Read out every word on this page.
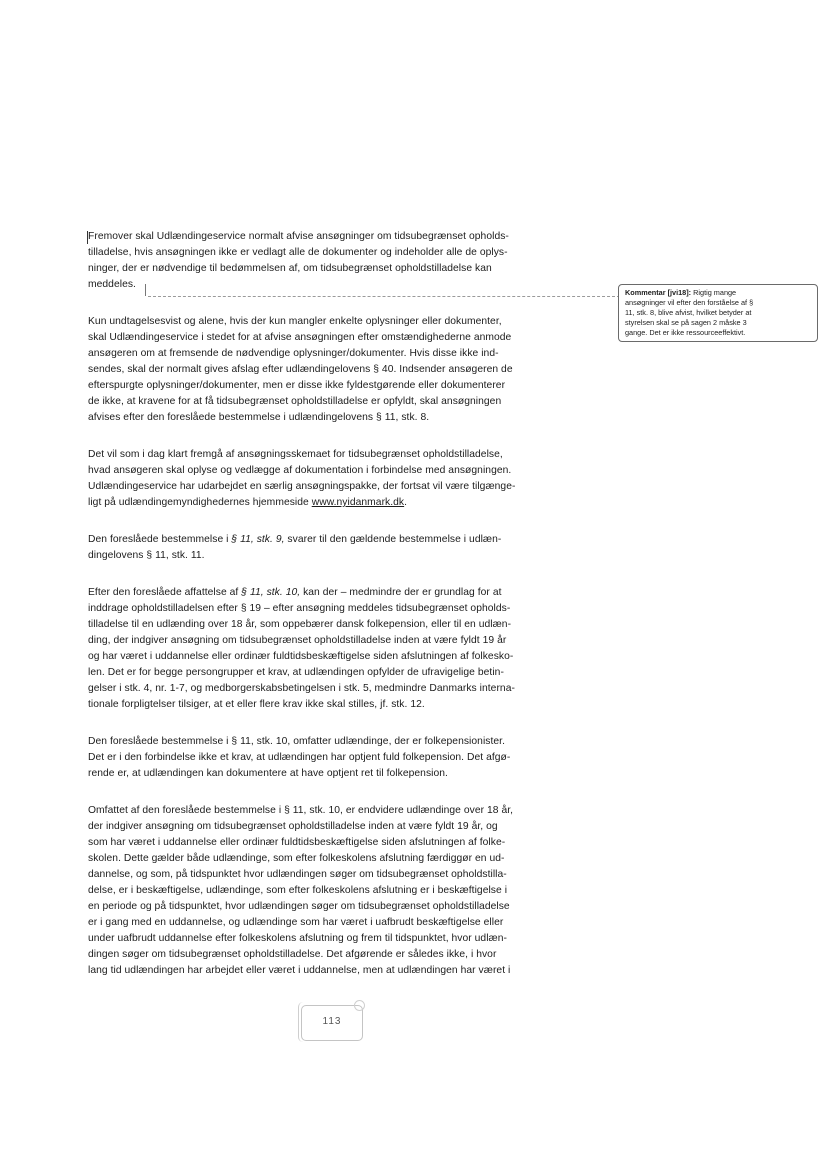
Fremover skal Udlændingeservice normalt afvise ansøgninger om tidsubegrænset opholds-
tilladelse, hvis ansøgningen ikke er vedlagt alle de dokumenter og indeholder alle de oplys-
ninger, der er nødvendige til bedømmelsen af, om tidsubegrænset opholdstilladelse kan
meddeles.

Kun undtagelsesvist og alene, hvis der kun mangler enkelte oplysninger eller dokumenter,
skal Udlændingeservice i stedet for at afvise ansøgningen efter omstændighederne anmode
ansøgeren om at fremsende de nødvendige oplysninger/dokumenter. Hvis disse ikke ind-
sendes, skal der normalt gives afslag efter udlændingelovens § 40. Indsender ansøgeren de
efterspurgte oplysninger/dokumenter, men er disse ikke fyldestgørende eller dokumenterer
de ikke, at kravene for at få tidsubegrænset opholdstilladelse er opfyldt, skal ansøgningen
afvises efter den foreslåede bestemmelse i udlændingelovens § 11, stk. 8.

Det vil som i dag klart fremgå af ansøgningsskemaet for tidsubegrænset opholdstilladelse,
hvad ansøgeren skal oplyse og vedlægge af dokumentation i forbindelse med ansøgningen.
Udlændingeservice har udarbejdet en særlig ansøgningspakke, der fortsat vil være tilgænge-
ligt på udlændingemyndighedernes hjemmeside www.nyidanmark.dk.

Den foreslåede bestemmelse i § 11, stk. 9, svarer til den gældende bestemmelse i udlæn-
dingelovens § 11, stk. 11.

Efter den foreslåede affattelse af § 11, stk. 10, kan der – medmindre der er grundlag for at
inddrage opholdstilladelsen efter § 19 – efter ansøgning meddeles tidsubegrænset opholds-
tilladelse til en udlænding over 18 år, som oppebærer dansk folkepension, eller til en udlæn-
ding, der indgiver ansøgning om tidsubegrænset opholdstilladelse inden at være fyldt 19 år
og har været i uddannelse eller ordinær fuldtidsbeskæftigelse siden afslutningen af folkesko-
len. Det er for begge persongrupper et krav, at udlændingen opfylder de ufravigelige betin-
gelser i stk. 4, nr. 1-7, og medborgerskabsbetingelsen i stk. 5, medmindre Danmarks interna-
tionale forpligtelser tilsiger, at et eller flere krav ikke skal stilles, jf. stk. 12.

Den foreslåede bestemmelse i § 11, stk. 10, omfatter udlændinge, der er folkepensionister.
Det er i den forbindelse ikke et krav, at udlændingen har optjent fuld folkepension. Det afgø-
rende er, at udlændingen kan dokumentere at have optjent ret til folkepension.

Omfattet af den foreslåede bestemmelse i § 11, stk. 10, er endvidere udlændinge over 18 år,
der indgiver ansøgning om tidsubegrænset opholdstilladelse inden at være fyldt 19 år, og
som har været i uddannelse eller ordinær fuldtidsbeskæftigelse siden afslutningen af folke-
skolen. Dette gælder både udlændinge, som efter folkeskolens afslutning færdiggør en ud-
dannelse, og som, på tidspunktet hvor udlændingen søger om tidsubegrænset opholdstilla-
delse, er i beskæftigelse, udlændinge, som efter folkeskolens afslutning er i beskæftigelse i
en periode og på tidspunktet, hvor udlændingen søger om tidsubegrænset opholdstilladelse
er i gang med en uddannelse, og udlændinge som har været i uafbrudt beskæftigelse eller
under uafbrudt uddannelse efter folkeskolens afslutning og frem til tidspunktet, hvor udlæn-
dingen søger om tidsubegrænset opholdstilladelse. Det afgørende er således ikke, i hvor
lang tid udlændingen har arbejdet eller været i uddannelse, men at udlændingen har været i

Kommentar [jvi18]: Rigtig mange
ansøgninger vil efter den forståelse af §
11, stk. 8, blive afvist, hvilket betyder at
styrelsen skal se på sagen 2 måske 3
gange. Det er ikke ressourceeffektivt.
113
